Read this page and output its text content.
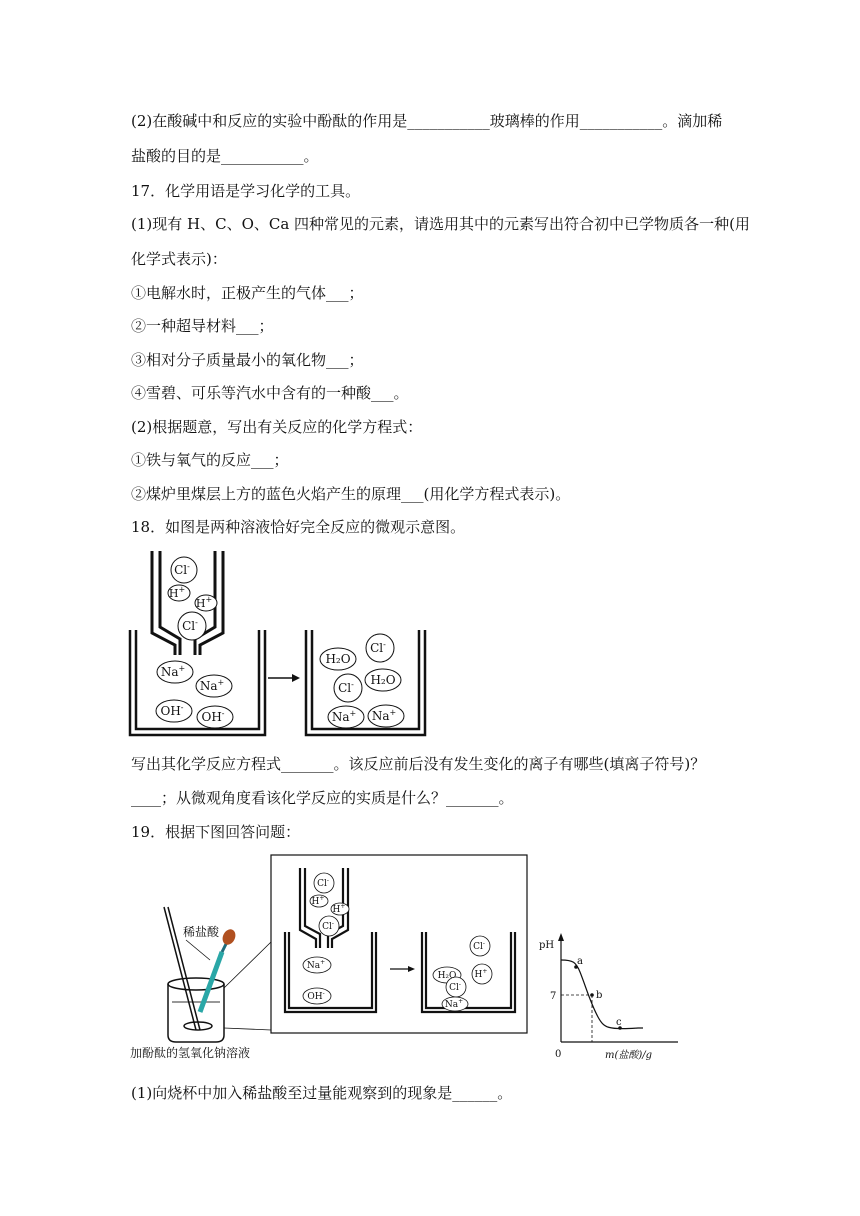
(2)在酸碱中和反应的实验中酚酞的作用是___________玻璃棒的作用___________。滴加稀
盐酸的目的是___________。
17．化学用语是学习化学的工具。
(1)现有 H、C、O、Ca 四种常见的元素，请选用其中的元素写出符合初中已学物质各一种(用
化学式表示)：
①电解水时，正极产生的气体___；
②一种超导材料___；
③相对分子质量最小的氧化物___；
④雪碧、可乐等汽水中含有的一种酸___。
(2)根据题意，写出有关反应的化学方程式：
①铁与氧气的反应___；
②煤炉里煤层上方的蓝色火焰产生的原理___(用化学方程式表示)。
18．如图是两种溶液恰好完全反应的微观示意图。
Cl-
H+
H+
Cl-
Na+
Na+
OH-
OH-
H₂O
Cl-
Cl- H₂O
Na+ Na+
写出其化学反应方程式_______。该反应前后没有发生变化的离子有哪些(填离子符号)？
____；从微观角度看该化学反应的实质是什么？_______。
19．根据下图回答问题：
稀盐酸
加酚酞的氢氧化钠溶液
Cl-
H+
H+
Cl-
Na+
OH-
H₂O
Cl-
Cl-
H+
Na+
pH
7
0	m(盐酸)/g
a
b
c
(1)向烧杯中加入稀盐酸至过量能观察到的现象是______。
